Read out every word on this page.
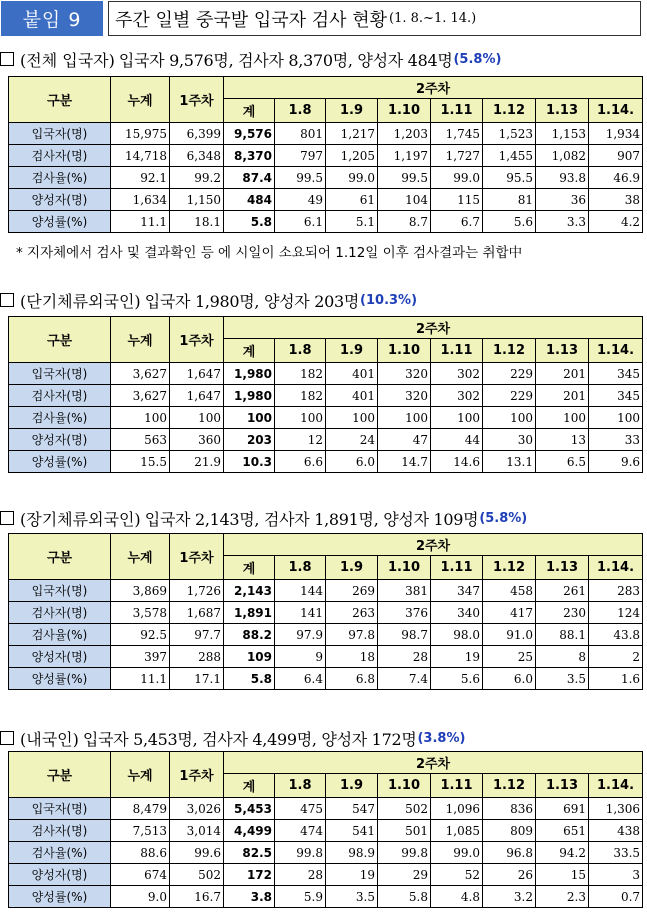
붙임 9	주간 일별 중국발 입국자 검사 현황 (1. 8.~1. 14.)
* 지자체에서 검사 및 결과확인 등 에 시일이 소요되어 1.12일 이후 검사결과는 취합中
(전체 입국자) 입국자 9,576명, 검사자 8,370명, 양성자 484명 (5.8%)
구분	누계	1주차	2주차							
			계	1.8	1.9	1.10	1.11	1.12	1.13	1.14.
입국자(명)	15,975	6,399	9,576	801	1,217	1,203	1,745	1,523	1,153	1,934
검사자(명)	14,718	6,348	8,370	797	1,205	1,197	1,727	1,455	1,082	907
검사율(%)	92.1	99.2	87.4	99.5	99.0	99.5	99.0	95.5	93.8	46.9
양성자(명)	1,634	1,150	484	49	61	104	115	81	36	38
양성률(%)	11.1	18.1	5.8	6.1	5.1	8.7	6.7	5.6	3.3	4.2
(단기체류외국인) 입국자 1,980명, 양성자 203명 (10.3%)
구분	누계	1주차	2주차							
			계	1.8	1.9	1.10	1.11	1.12	1.13	1.14.
입국자(명)	3,627	1,647	1,980	182	401	320	302	229	201	345
검사자(명)	3,627	1,647	1,980	182	401	320	302	229	201	345
검사율(%)	100	100	100	100	100	100	100	100	100	100
양성자(명)	563	360	203	12	24	47	44	30	13	33
양성률(%)	15.5	21.9	10.3	6.6	6.0	14.7	14.6	13.1	6.5	9.6
(장기체류외국인) 입국자 2,143명, 검사자 1,891명, 양성자 109명 (5.8%)
구분	누계	1주차	2주차							
			계	1.8	1.9	1.10	1.11	1.12	1.13	1.14.
입국자(명)	3,869	1,726	2,143	144	269	381	347	458	261	283
검사자(명)	3,578	1,687	1,891	141	263	376	340	417	230	124
검사율(%)	92.5	97.7	88.2	97.9	97.8	98.7	98.0	91.0	88.1	43.8
양성자(명)	397	288	109	9	18	28	19	25	8	2
양성률(%)	11.1	17.1	5.8	6.4	6.8	7.4	5.6	6.0	3.5	1.6
(내국인) 입국자 5,453명, 검사자 4,499명, 양성자 172명 (3.8%)
구분	누계	1주차	2주차							
			계	1.8	1.9	1.10	1.11	1.12	1.13	1.14.
입국자(명)	8,479	3,026	5,453	475	547	502	1,096	836	691	1,306
검사자(명)	7,513	3,014	4,499	474	541	501	1,085	809	651	438
검사율(%)	88.6	99.6	82.5	99.8	98.9	99.8	99.0	96.8	94.2	33.5
양성자(명)	674	502	172	28	19	29	52	26	15	3
양성률(%)	9.0	16.7	3.8	5.9	3.5	5.8	4.8	3.2	2.3	0.7
